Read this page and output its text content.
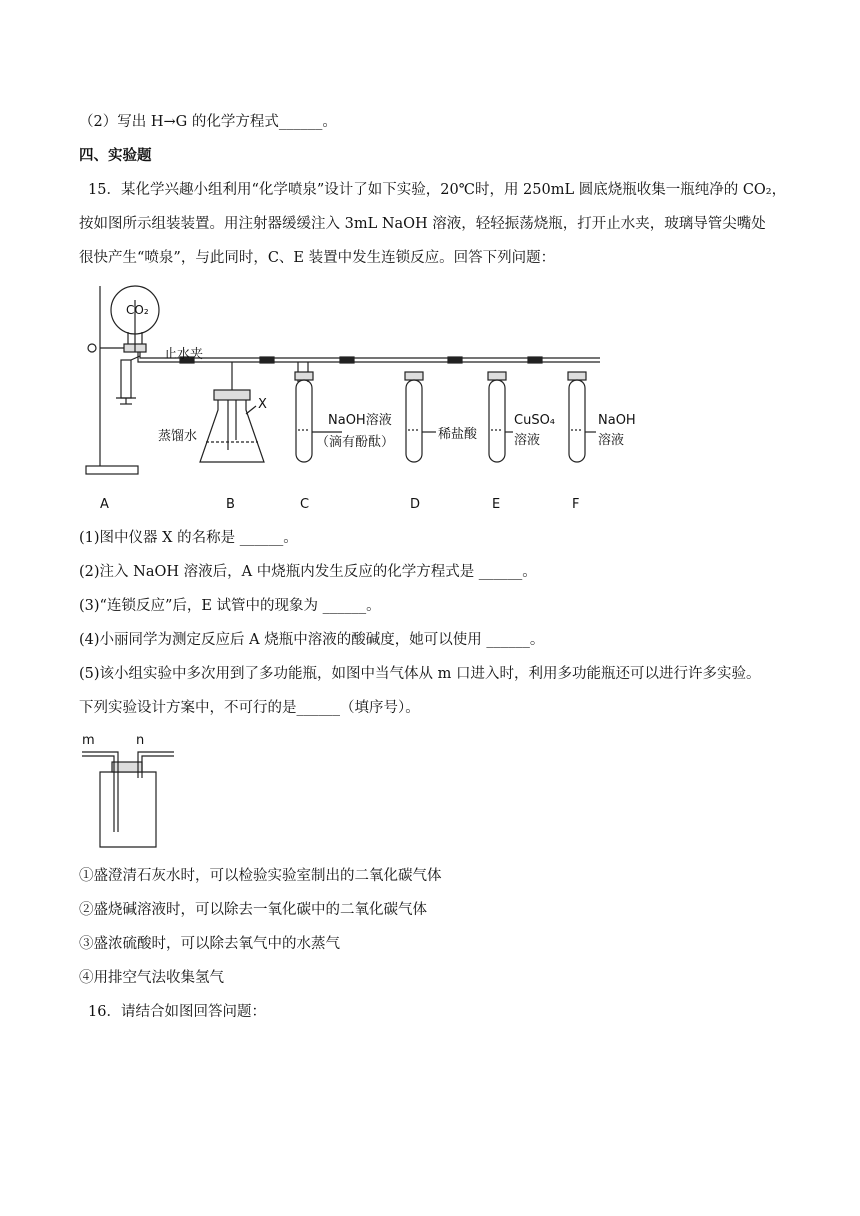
（2）写出 H→G 的化学方程式______。
四、实验题
15．某化学兴趣小组利用“化学喷泉”设计了如下实验，20℃时，用 250mL 圆底烧瓶收集一瓶纯净的 CO₂，
按如图所示组装装置。用注射器缓缓注入 3mL NaOH 溶液，轻轻振荡烧瓶，打开止水夹，玻璃导管尖嘴处
很快产生“喷泉”，与此同时，C、E 装置中发生连锁反应。回答下列问题：
CO₂
止水夹
蒸馏水
X
NaOH溶液
（滴有酚酞）
稀盐酸
CuSO₄
溶液
NaOH
溶液
A	B	C	D	E	F
(1)图中仪器 X 的名称是 ______。
(2)注入 NaOH 溶液后，A 中烧瓶内发生反应的化学方程式是 ______。
(3)“连锁反应”后，E 试管中的现象为 ______。
(4)小丽同学为测定反应后 A 烧瓶中溶液的酸碱度，她可以使用 ______。
(5)该小组实验中多次用到了多功能瓶，如图中当气体从 m 口进入时，利用多功能瓶还可以进行许多实验。
下列实验设计方案中，不可行的是______（填序号）。
m	n
①盛澄清石灰水时，可以检验实验室制出的二氧化碳气体
②盛烧碱溶液时，可以除去一氧化碳中的二氧化碳气体
③盛浓硫酸时，可以除去氧气中的水蒸气
④用排空气法收集氢气
16．请结合如图回答问题：
